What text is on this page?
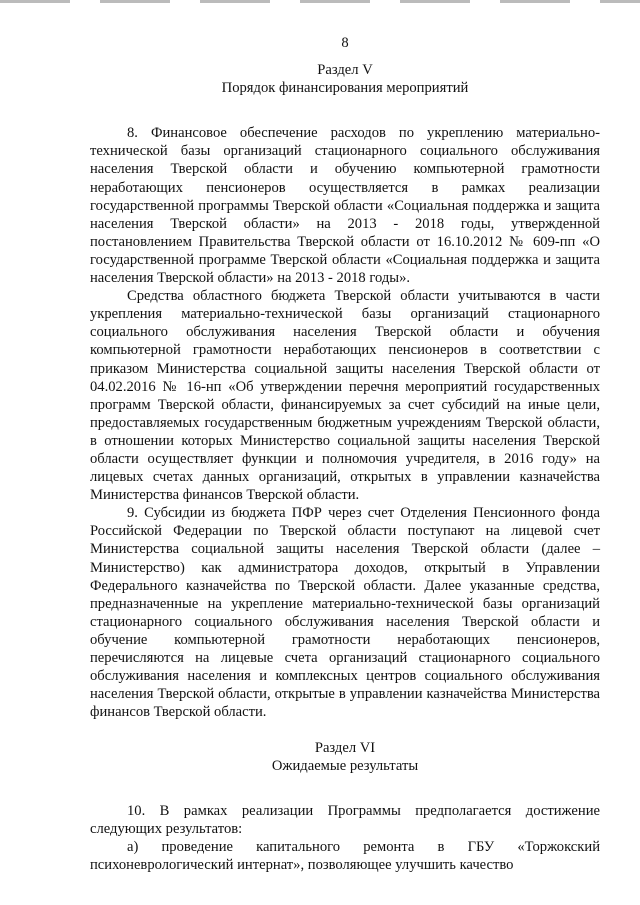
8
Раздел V
Порядок финансирования мероприятий

8. Финансовое обеспечение расходов по укреплению материально-технической базы организаций стационарного социального обслуживания населения Тверской области и обучению компьютерной грамотности неработающих пенсионеров осуществляется в рамках реализации государственной программы Тверской области «Социальная поддержка и защита населения Тверской области» на 2013 - 2018 годы, утвержденной постановлением Правительства Тверской области от 16.10.2012 № 609-пп «О государственной программе Тверской области «Социальная поддержка и защита населения Тверской области» на 2013 - 2018 годы».

Средства областного бюджета Тверской области учитываются в части укрепления материально-технической базы организаций стационарного социального обслуживания населения Тверской области и обучения компьютерной грамотности неработающих пенсионеров в соответствии с приказом Министерства социальной защиты населения Тверской области от 04.02.2016 № 16-нп «Об утверждении перечня мероприятий государственных программ Тверской области, финансируемых за счет субсидий на иные цели, предоставляемых государственным бюджетным учреждениям Тверской области, в отношении которых Министерство социальной защиты населения Тверской области осуществляет функции и полномочия учредителя, в 2016 году» на лицевых счетах данных организаций, открытых в управлении казначейства Министерства финансов Тверской области.

9. Субсидии из бюджета ПФР через счет Отделения Пенсионного фонда Российской Федерации по Тверской области поступают на лицевой счет Министерства социальной защиты населения Тверской области (далее – Министерство) как администратора доходов, открытый в Управлении Федерального казначейства по Тверской области. Далее указанные средства, предназначенные на укрепление материально-технической базы организаций стационарного социального обслуживания населения Тверской области и обучение компьютерной грамотности неработающих пенсионеров, перечисляются на лицевые счета организаций стационарного социального обслуживания населения и комплексных центров социального обслуживания населения Тверской области, открытые в управлении казначейства Министерства финансов Тверской области.

Раздел VI
Ожидаемые результаты

10. В рамках реализации Программы предполагается достижение следующих результатов:

а) проведение капитального ремонта в ГБУ «Торжокский психоневрологический интернат», позволяющее улучшить качество
